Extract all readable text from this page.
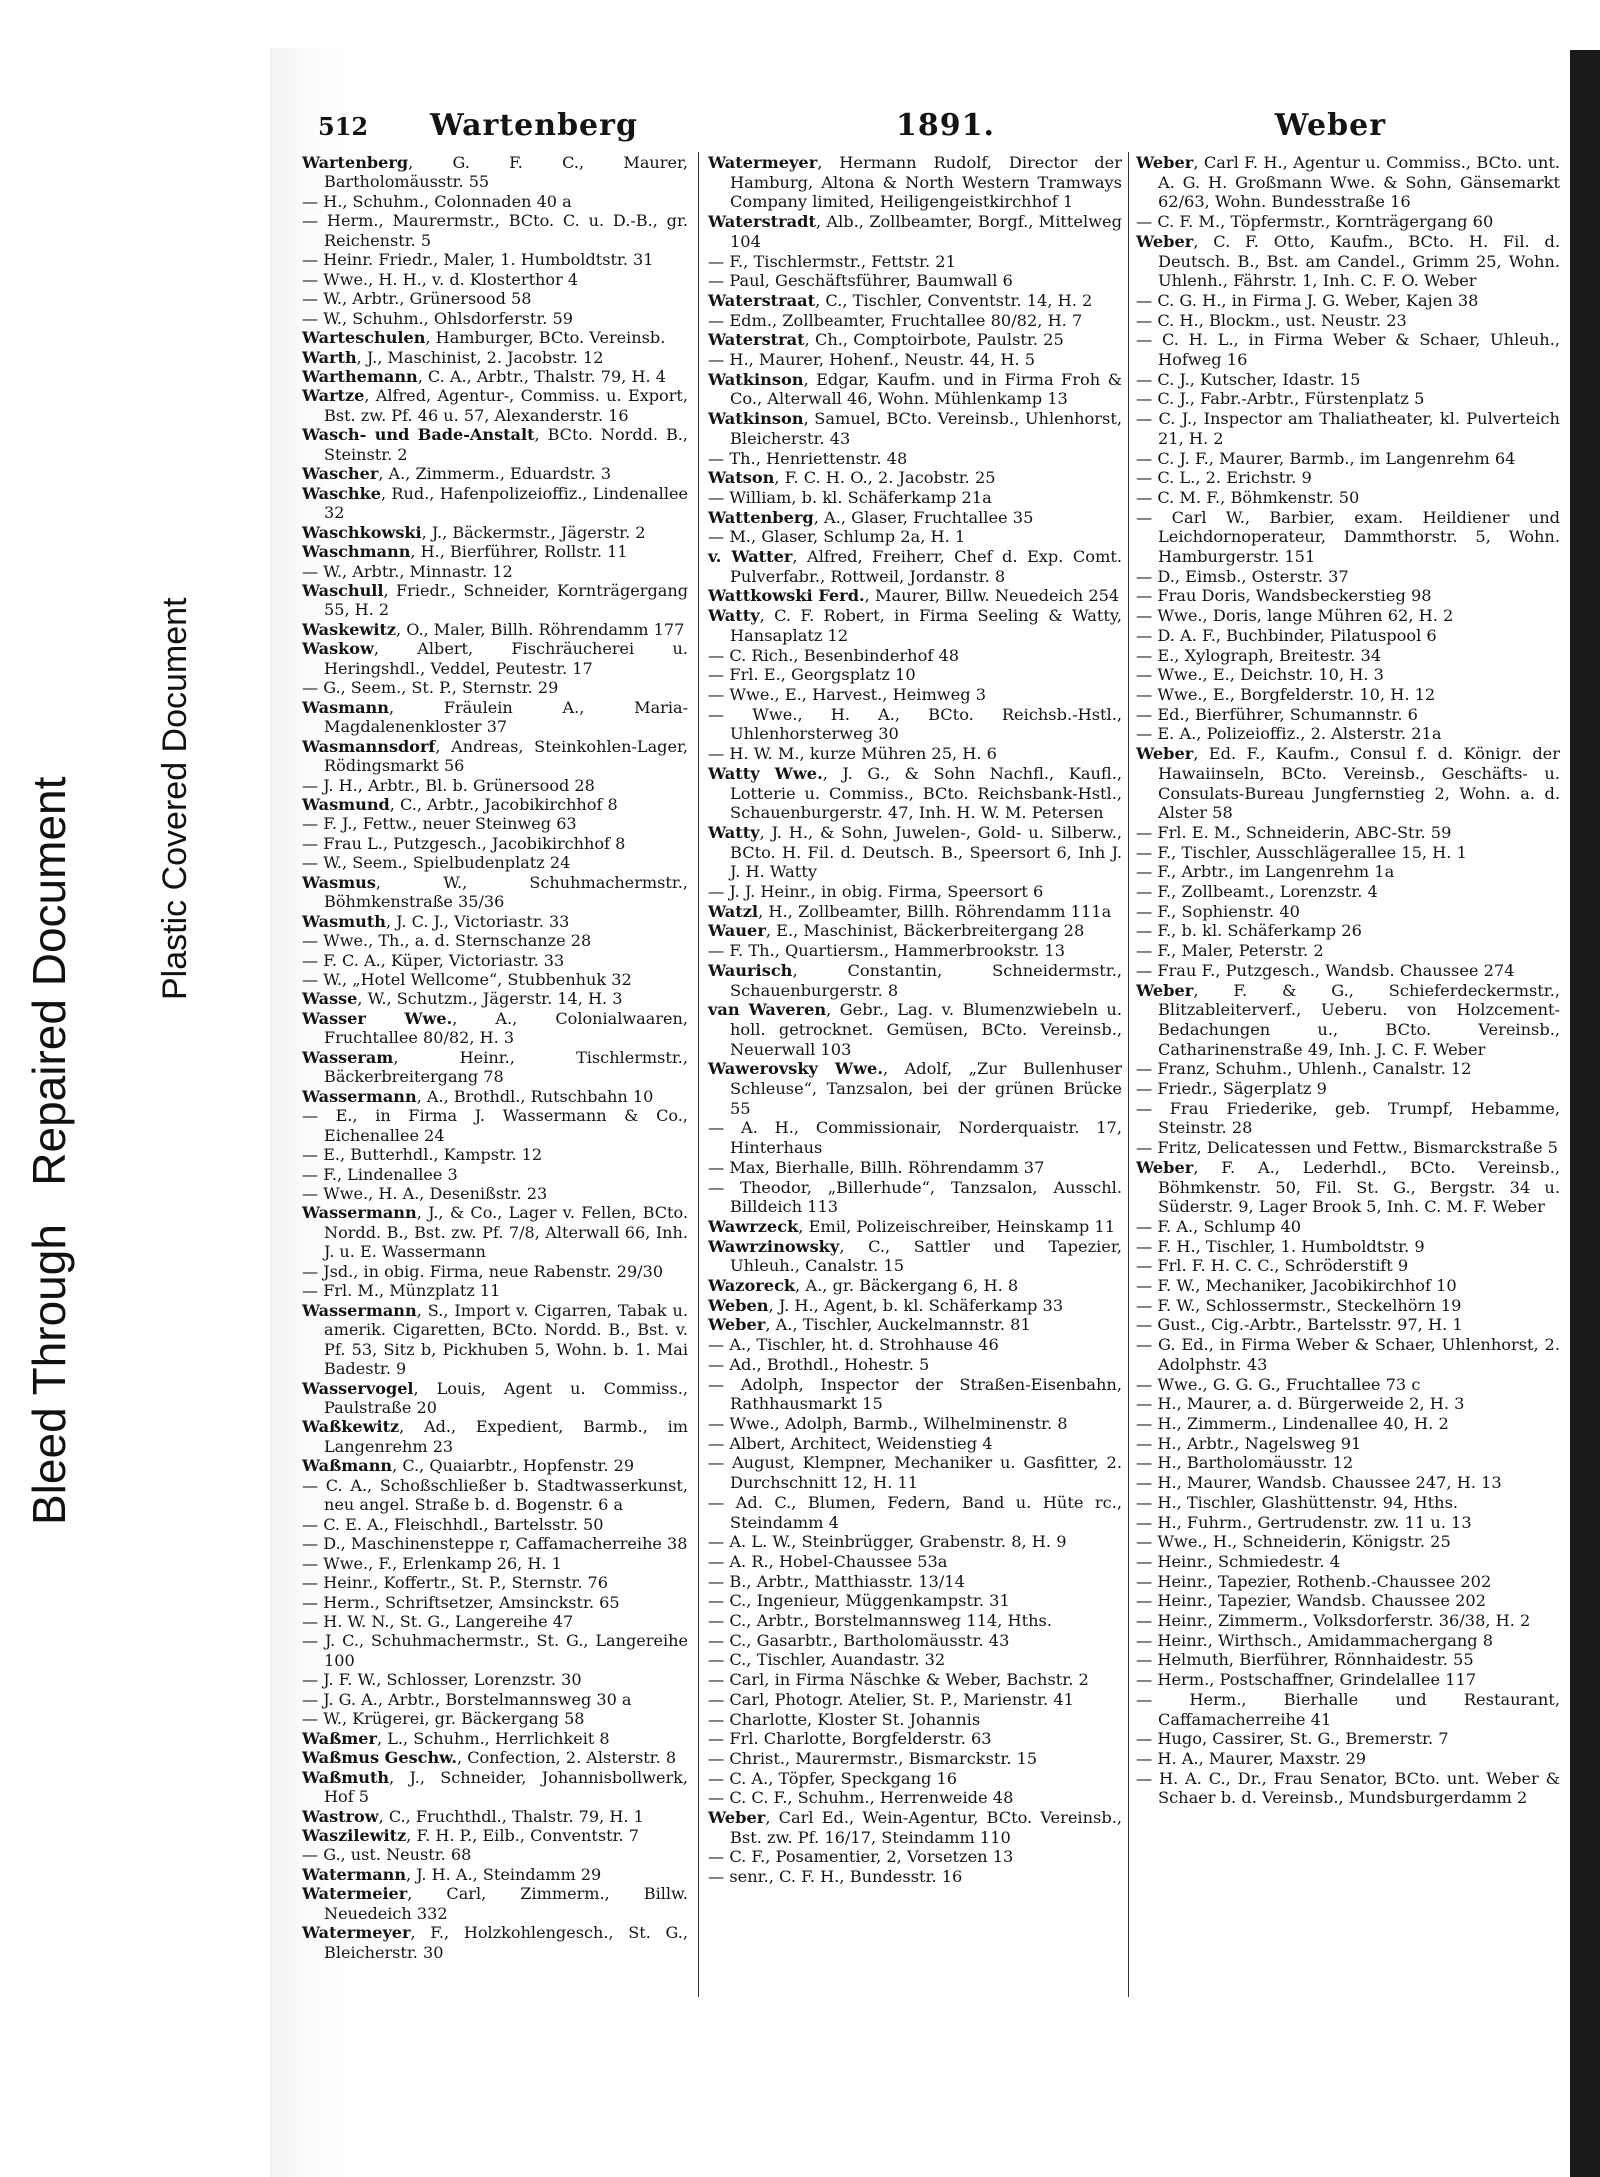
Bleed Through   Repaired Document Plastic Covered Document
512 Wartenberg	1891.	Weber
Wartenberg, G. F. C., Maurer, Bartholomäusstr. 55
— H., Schuhm., Colonnaden 40 a
— Herm., Maurermstr., BCto. C. u. D.-B., gr. Reichenstr. 5
— Heinr. Friedr., Maler, 1. Humboldtstr. 31
— Wwe., H. H., v. d. Klosterthor 4
— W., Arbtr., Grünersood 58
— W., Schuhm., Ohlsdorferstr. 59
Warteschulen, Hamburger, BCto. Vereinsb.
Warth, J., Maschinist, 2. Jacobstr. 12
Warthemann, C. A., Arbtr., Thalstr. 79, H. 4
Wartze, Alfred, Agentur-, Commiss. u. Export, Bst. zw. Pf. 46 u. 57, Alexanderstr. 16
Wasch- und Bade-Anstalt, BCto. Nordd. B., Steinstr. 2
Wascher, A., Zimmerm., Eduardstr. 3
Waschke, Rud., Hafenpolizeioffiz., Lindenallee 32
Waschkowski, J., Bäckermstr., Jägerstr. 2
Waschmann, H., Bierführer, Rollstr. 11
— W., Arbtr., Minnastr. 12
Waschull, Friedr., Schneider, Kornträgergang 55, H. 2
Waskewitz, O., Maler, Billh. Röhrendamm 177
Waskow, Albert, Fischräucherei u. Heringshdl., Veddel, Peutestr. 17
— G., Seem., St. P., Sternstr. 29
Wasmann, Fräulein A., Maria-Magdalenenkloster 37
Wasmannsdorf, Andreas, Steinkohlen-Lager, Rödingsmarkt 56
— J. H., Arbtr., Bl. b. Grünersood 28
Wasmund, C., Arbtr., Jacobikirchhof 8
— F. J., Fettw., neuer Steinweg 63
— Frau L., Putzgesch., Jacobikirchhof 8
— W., Seem., Spielbudenplatz 24
Wasmus, W., Schuhmachermstr., Böhmkenstraße 35/36
Wasmuth, J. C. J., Victoriastr. 33
— Wwe., Th., a. d. Sternschanze 28
— F. C. A., Küper, Victoriastr. 33
— W., „Hotel Wellcome“, Stubbenhuk 32
Wasse, W., Schutzm., Jägerstr. 14, H. 3
Wasser Wwe., A., Colonialwaaren, Fruchtallee 80/82, H. 3
Wasseram, Heinr., Tischlermstr., Bäckerbreitergang 78
Wassermann, A., Brothdl., Rutschbahn 10
— E., in Firma J. Wassermann & Co., Eichenallee 24
— E., Butterhdl., Kampstr. 12
— F., Lindenallee 3
— Wwe., H. A., Desenißstr. 23
Wassermann, J., & Co., Lager v. Fellen, BCto. Nordd. B., Bst. zw. Pf. 7/8, Alterwall 66, Inh. J. u. E. Wassermann
— Jsd., in obig. Firma, neue Rabenstr. 29/30
— Frl. M., Münzplatz 11
Wassermann, S., Import v. Cigarren, Tabak u. amerik. Cigaretten, BCto. Nordd. B., Bst. v. Pf. 53, Sitz b, Pickhuben 5, Wohn. b. 1. Mai Badestr. 9
Wasservogel, Louis, Agent u. Commiss., Paulstraße 20
Waßkewitz, Ad., Expedient, Barmb., im Langenrehm 23
Waßmann, C., Quaiarbtr., Hopfenstr. 29
— C. A., Schoßschließer b. Stadtwasserkunst, neu angel. Straße b. d. Bogenstr. 6 a
— C. E. A., Fleischhdl., Bartelsstr. 50
— D., Maschinensteppe r, Caffamacherreihe 38
— Wwe., F., Erlenkamp 26, H. 1
— Heinr., Koffertr., St. P., Sternstr. 76
— Herm., Schriftsetzer, Amsinckstr. 65
— H. W. N., St. G., Langereihe 47
— J. C., Schuhmachermstr., St. G., Langereihe 100
— J. F. W., Schlosser, Lorenzstr. 30
— J. G. A., Arbtr., Borstelmannsweg 30 a
— W., Krügerei, gr. Bäckergang 58
Waßmer, L., Schuhm., Herrlichkeit 8
Waßmus Geschw., Confection, 2. Alsterstr. 8
Waßmuth, J., Schneider, Johannisbollwerk, Hof 5
Wastrow, C., Fruchthdl., Thalstr. 79, H. 1
Waszilewitz, F. H. P., Eilb., Conventstr. 7
— G., ust. Neustr. 68
Watermann, J. H. A., Steindamm 29
Watermeier, Carl, Zimmerm., Billw. Neuedeich 332
Watermeyer, F., Holzkohlengesch., St. G., Bleicherstr. 30
Watermeyer, Hermann Rudolf, Director der Hamburg, Altona & North Western Tramways Company limited, Heiligengeistkirchhof 1
Waterstradt, Alb., Zollbeamter, Borgf., Mittelweg 104
— F., Tischlermstr., Fettstr. 21
— Paul, Geschäftsführer, Baumwall 6
Waterstraat, C., Tischler, Conventstr. 14, H. 2
— Edm., Zollbeamter, Fruchtallee 80/82, H. 7
Waterstrat, Ch., Comptoirbote, Paulstr. 25
— H., Maurer, Hohenf., Neustr. 44, H. 5
Watkinson, Edgar, Kaufm. und in Firma Froh & Co., Alterwall 46, Wohn. Mühlenkamp 13
Watkinson, Samuel, BCto. Vereinsb., Uhlenhorst, Bleicherstr. 43
— Th., Henriettenstr. 48
Watson, F. C. H. O., 2. Jacobstr. 25
— William, b. kl. Schäferkamp 21a
Wattenberg, A., Glaser, Fruchtallee 35
— M., Glaser, Schlump 2a, H. 1
v. Watter, Alfred, Freiherr, Chef d. Exp. Comt. Pulverfabr., Rottweil, Jordanstr. 8
Wattkowski Ferd., Maurer, Billw. Neuedeich 254
Watty, C. F. Robert, in Firma Seeling & Watty, Hansaplatz 12
— C. Rich., Besenbinderhof 48
— Frl. E., Georgsplatz 10
— Wwe., E., Harvest., Heimweg 3
— Wwe., H. A., BCto. Reichsb.-Hstl., Uhlenhorsterweg 30
— H. W. M., kurze Mühren 25, H. 6
Watty Wwe., J. G., & Sohn Nachfl., Kaufl., Lotterie u. Commiss., BCto. Reichsbank-Hstl., Schauenburgerstr. 47, Inh. H. W. M. Petersen
Watty, J. H., & Sohn, Juwelen-, Gold- u. Silberw., BCto. H. Fil. d. Deutsch. B., Speersort 6, Inh J. J. H. Watty
— J. J. Heinr., in obig. Firma, Speersort 6
Watzl, H., Zollbeamter, Billh. Röhrendamm 111a
Wauer, E., Maschinist, Bäckerbreitergang 28
— F. Th., Quartiersm., Hammerbrookstr. 13
Waurisch, Constantin, Schneidermstr., Schauenburgerstr. 8
van Waveren, Gebr., Lag. v. Blumenzwiebeln u. holl. getrocknet. Gemüsen, BCto. Vereinsb., Neuerwall 103
Wawerovsky Wwe., Adolf, „Zur Bullenhuser Schleuse“, Tanzsalon, bei der grünen Brücke 55
— A. H., Commissionair, Norderquaistr. 17, Hinterhaus
— Max, Bierhalle, Billh. Röhrendamm 37
— Theodor, „Billerhude“, Tanzsalon, Ausschl. Billdeich 113
Wawrzeck, Emil, Polizeischreiber, Heinskamp 11
Wawrzinowsky, C., Sattler und Tapezier, Uhleuh., Canalstr. 15
Wazoreck, A., gr. Bäckergang 6, H. 8
Weben, J. H., Agent, b. kl. Schäferkamp 33
Weber, A., Tischler, Auckelmannstr. 81
— A., Tischler, ht. d. Strohhause 46
— Ad., Brothdl., Hohestr. 5
— Adolph, Inspector der Straßen-Eisenbahn, Rathhausmarkt 15
— Wwe., Adolph, Barmb., Wilhelminenstr. 8
— Albert, Architect, Weidenstieg 4
— August, Klempner, Mechaniker u. Gasfitter, 2. Durchschnitt 12, H. 11
— Ad. C., Blumen, Federn, Band u. Hüte rc., Steindamm 4
— A. L. W., Steinbrügger, Grabenstr. 8, H. 9
— A. R., Hobel-Chaussee 53a
— B., Arbtr., Matthiasstr. 13/14
— C., Ingenieur, Müggenkampstr. 31
— C., Arbtr., Borstelmannsweg 114, Hths.
— C., Gasarbtr., Bartholomäusstr. 43
— C., Tischler, Auandastr. 32
— Carl, in Firma Näschke & Weber, Bachstr. 2
— Carl, Photogr. Atelier, St. P., Marienstr. 41
— Charlotte, Kloster St. Johannis
— Frl. Charlotte, Borgfelderstr. 63
— Christ., Maurermstr., Bismarckstr. 15
— C. A., Töpfer, Speckgang 16
— C. C. F., Schuhm., Herrenweide 48
Weber, Carl Ed., Wein-Agentur, BCto. Vereinsb., Bst. zw. Pf. 16/17, Steindamm 110
— C. F., Posamentier, 2, Vorsetzen 13
— senr., C. F. H., Bundesstr. 16
Weber, Carl F. H., Agentur u. Commiss., BCto. unt. A. G. H. Großmann Wwe. & Sohn, Gänsemarkt 62/63, Wohn. Bundesstraße 16
— C. F. M., Töpfermstr., Kornträgergang 60
Weber, C. F. Otto, Kaufm., BCto. H. Fil. d. Deutsch. B., Bst. am Candel., Grimm 25, Wohn. Uhlenh., Fährstr. 1, Inh. C. F. O. Weber
— C. G. H., in Firma J. G. Weber, Kajen 38
— C. H., Blockm., ust. Neustr. 23
— C. H. L., in Firma Weber & Schaer, Uhleuh., Hofweg 16
— C. J., Kutscher, Idastr. 15
— C. J., Fabr.-Arbtr., Fürstenplatz 5
— C. J., Inspector am Thaliatheater, kl. Pulverteich 21, H. 2
— C. J. F., Maurer, Barmb., im Langenrehm 64
— C. L., 2. Erichstr. 9
— C. M. F., Böhmkenstr. 50
— Carl W., Barbier, exam. Heildiener und Leichdornoperateur, Dammthorstr. 5, Wohn. Hamburgerstr. 151
— D., Eimsb., Osterstr. 37
— Frau Doris, Wandsbeckerstieg 98
— Wwe., Doris, lange Mühren 62, H. 2
— D. A. F., Buchbinder, Pilatuspool 6
— E., Xylograph, Breitestr. 34
— Wwe., E., Deichstr. 10, H. 3
— Wwe., E., Borgfelderstr. 10, H. 12
— Ed., Bierführer, Schumannstr. 6
— E. A., Polizeioffiz., 2. Alsterstr. 21a
Weber, Ed. F., Kaufm., Consul f. d. Königr. der Hawaiinseln, BCto. Vereinsb., Geschäfts- u. Consulats-Bureau Jungfernstieg 2, Wohn. a. d. Alster 58
— Frl. E. M., Schneiderin, ABC-Str. 59
— F., Tischler, Ausschlägerallee 15, H. 1
— F., Arbtr., im Langenrehm 1a
— F., Zollbeamt., Lorenzstr. 4
— F., Sophienstr. 40
— F., b. kl. Schäferkamp 26
— F., Maler, Peterstr. 2
— Frau F., Putzgesch., Wandsb. Chaussee 274
Weber, F. & G., Schieferdeckermstr., Blitzableiterverf., Ueberu. von Holzcement-Bedachungen u., BCto. Vereinsb., Catharinenstraße 49, Inh. J. C. F. Weber
— Franz, Schuhm., Uhlenh., Canalstr. 12
— Friedr., Sägerplatz 9
— Frau Friederike, geb. Trumpf, Hebamme, Steinstr. 28
— Fritz, Delicatessen und Fettw., Bismarckstraße 5
Weber, F. A., Lederhdl., BCto. Vereinsb., Böhmkenstr. 50, Fil. St. G., Bergstr. 34 u. Süderstr. 9, Lager Brook 5, Inh. C. M. F. Weber
— F. A., Schlump 40
— F. H., Tischler, 1. Humboldtstr. 9
— Frl. F. H. C. C., Schröderstift 9
— F. W., Mechaniker, Jacobikirchhof 10
— F. W., Schlossermstr., Steckelhörn 19
— Gust., Cig.-Arbtr., Bartelsstr. 97, H. 1
— G. Ed., in Firma Weber & Schaer, Uhlenhorst, 2. Adolphstr. 43
— Wwe., G. G. G., Fruchtallee 73 c
— H., Maurer, a. d. Bürgerweide 2, H. 3
— H., Zimmerm., Lindenallee 40, H. 2
— H., Arbtr., Nagelsweg 91
— H., Bartholomäusstr. 12
— H., Maurer, Wandsb. Chaussee 247, H. 13
— H., Tischler, Glashüttenstr. 94, Hths.
— H., Fuhrm., Gertrudenstr. zw. 11 u. 13
— Wwe., H., Schneiderin, Königstr. 25
— Heinr., Schmiedestr. 4
— Heinr., Tapezier, Rothenb.-Chaussee 202
— Heinr., Tapezier, Wandsb. Chaussee 202
— Heinr., Zimmerm., Volksdorferstr. 36/38, H. 2
— Heinr., Wirthsch., Amidammachergang 8
— Helmuth, Bierführer, Rönnhaidestr. 55
— Herm., Postschaffner, Grindelallee 117
— Herm., Bierhalle und Restaurant, Caffamacherreihe 41
— Hugo, Cassirer, St. G., Bremerstr. 7
— H. A., Maurer, Maxstr. 29
— H. A. C., Dr., Frau Senator, BCto. unt. Weber & Schaer b. d. Vereinsb., Mundsburgerdamm 2
